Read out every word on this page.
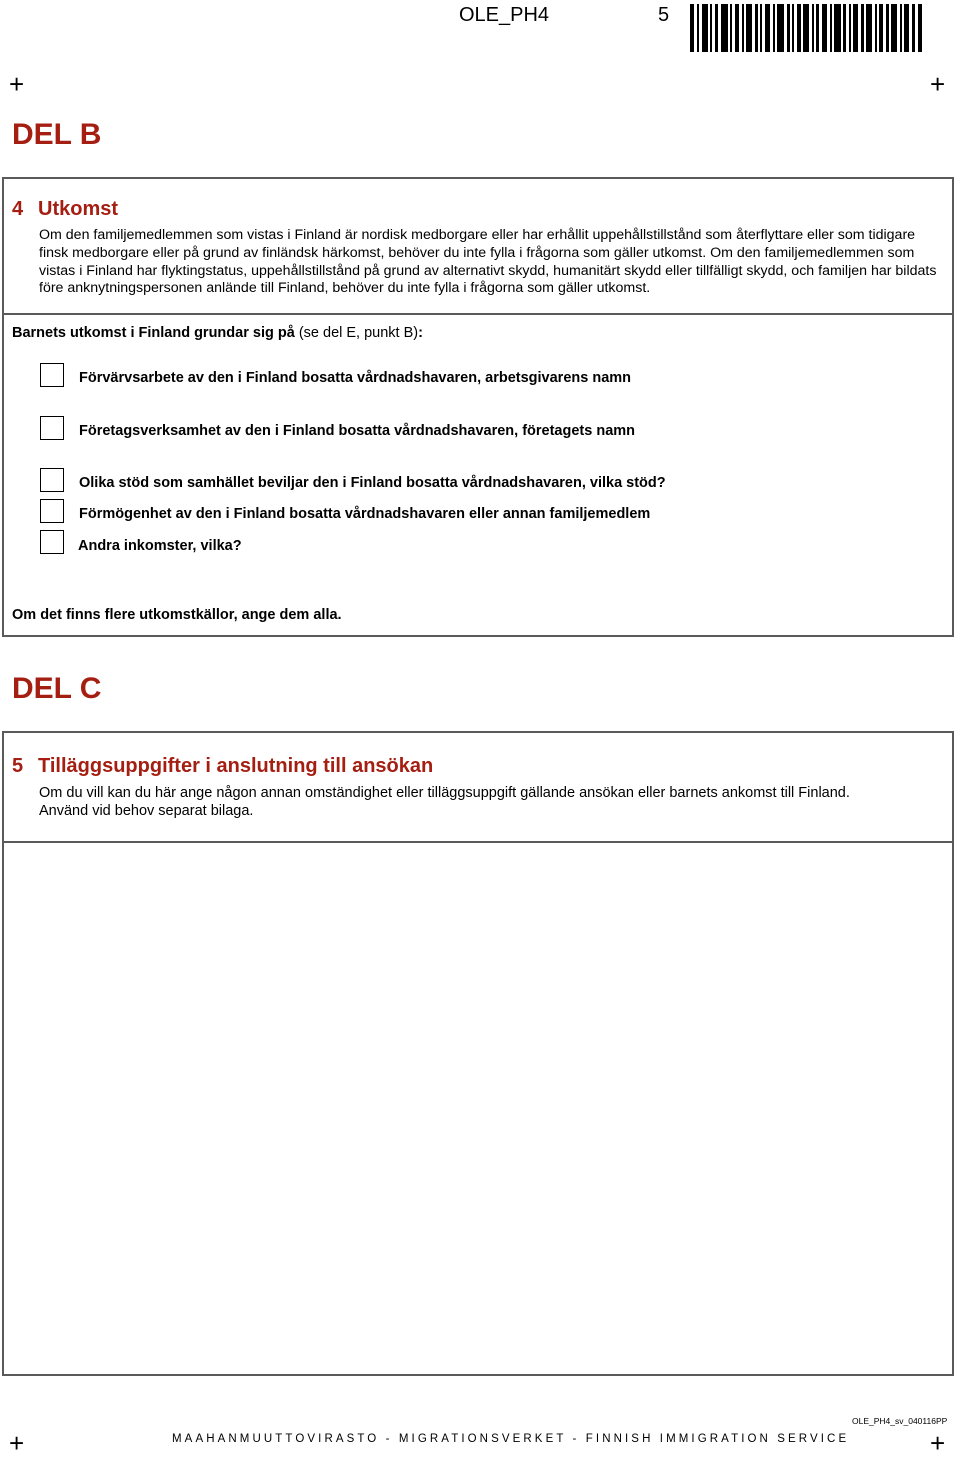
OLE_PH4	5
+	+
+	+
DEL B
4 Utkomst
Om den familjemedlemmen som vistas i Finland är nordisk medborgare eller har erhållit uppehållstillstånd som återflyttare eller som tidigare finsk medborgare eller på grund av finländsk härkomst, behöver du inte fylla i frågorna som gäller utkomst. Om den familjemedlemmen som vistas i Finland har flyktingstatus, uppehållstillstånd på grund av alternativt skydd, humanitärt skydd eller tillfälligt skydd, och familjen har bildats före anknytningspersonen anlände till Finland, behöver du inte fylla i frågorna som gäller utkomst.
Barnets utkomst i Finland grundar sig på (se del E, punkt B):
Förvärvsarbete av den i Finland bosatta vårdnadshavaren, arbetsgivarens namn
Företagsverksamhet av den i Finland bosatta vårdnadshavaren, företagets namn
Olika stöd som samhället beviljar den i Finland bosatta vårdnadshavaren, vilka stöd?
Förmögenhet av den i Finland bosatta vårdnadshavaren eller annan familjemedlem
Andra inkomster, vilka?
Om det finns flere utkomstkällor, ange dem alla.
DEL C
5 Tilläggsuppgifter i anslutning till ansökan
Om du vill kan du här ange någon annan omständighet eller tilläggsuppgift gällande ansökan eller barnets ankomst till Finland.
Använd vid behov separat bilaga.
OLE_PH4_sv_040116PP
MAAHANMUUTTOVIRASTO - MIGRATIONSVERKET - FINNISH IMMIGRATION SERVICE
